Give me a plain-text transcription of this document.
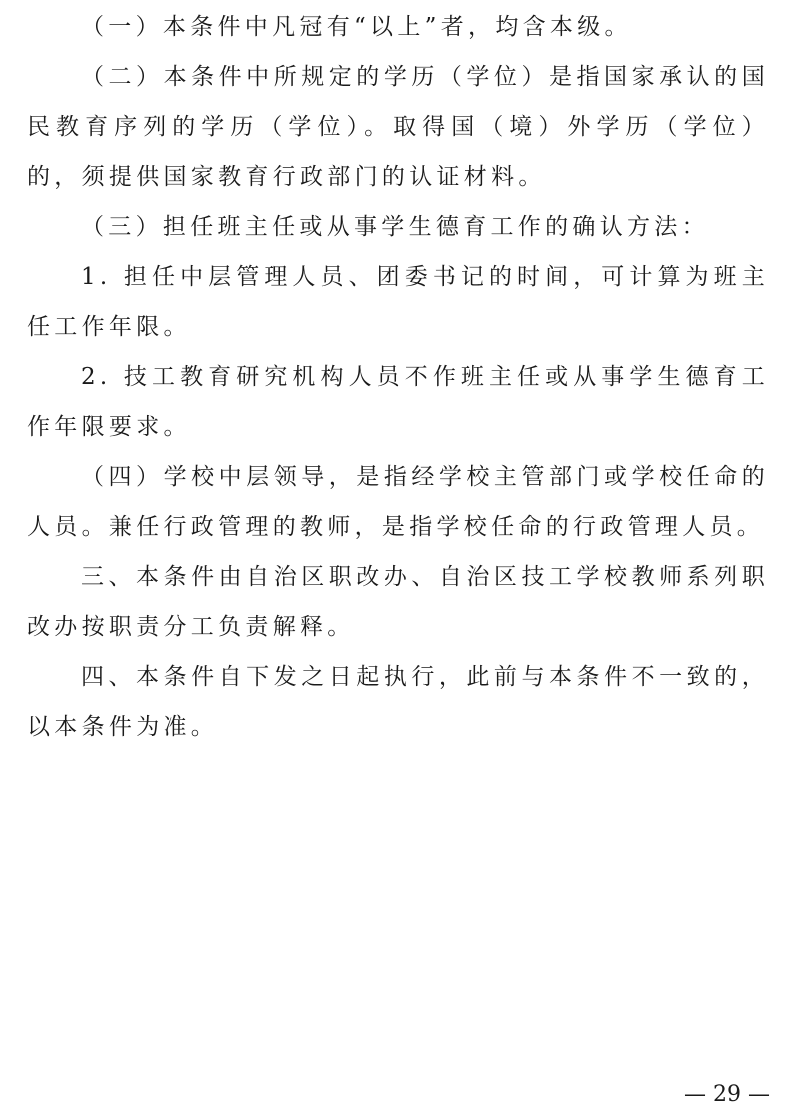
（一）本条件中凡冠有“以上”者，均含本级。

（二）本条件中所规定的学历（学位）是指国家承认的国民教育序列的学历（学位）。取得国（境）外学历（学位）的，须提供国家教育行政部门的认证材料。

（三）担任班主任或从事学生德育工作的确认方法：

1. 担任中层管理人员、团委书记的时间，可计算为班主任工作年限。

2. 技工教育研究机构人员不作班主任或从事学生德育工作年限要求。

（四）学校中层领导，是指经学校主管部门或学校任命的人员。兼任行政管理的教师，是指学校任命的行政管理人员。

三、本条件由自治区职改办、自治区技工学校教师系列职改办按职责分工负责解释。

四、本条件自下发之日起执行，此前与本条件不一致的，以本条件为准。

— 29 —
